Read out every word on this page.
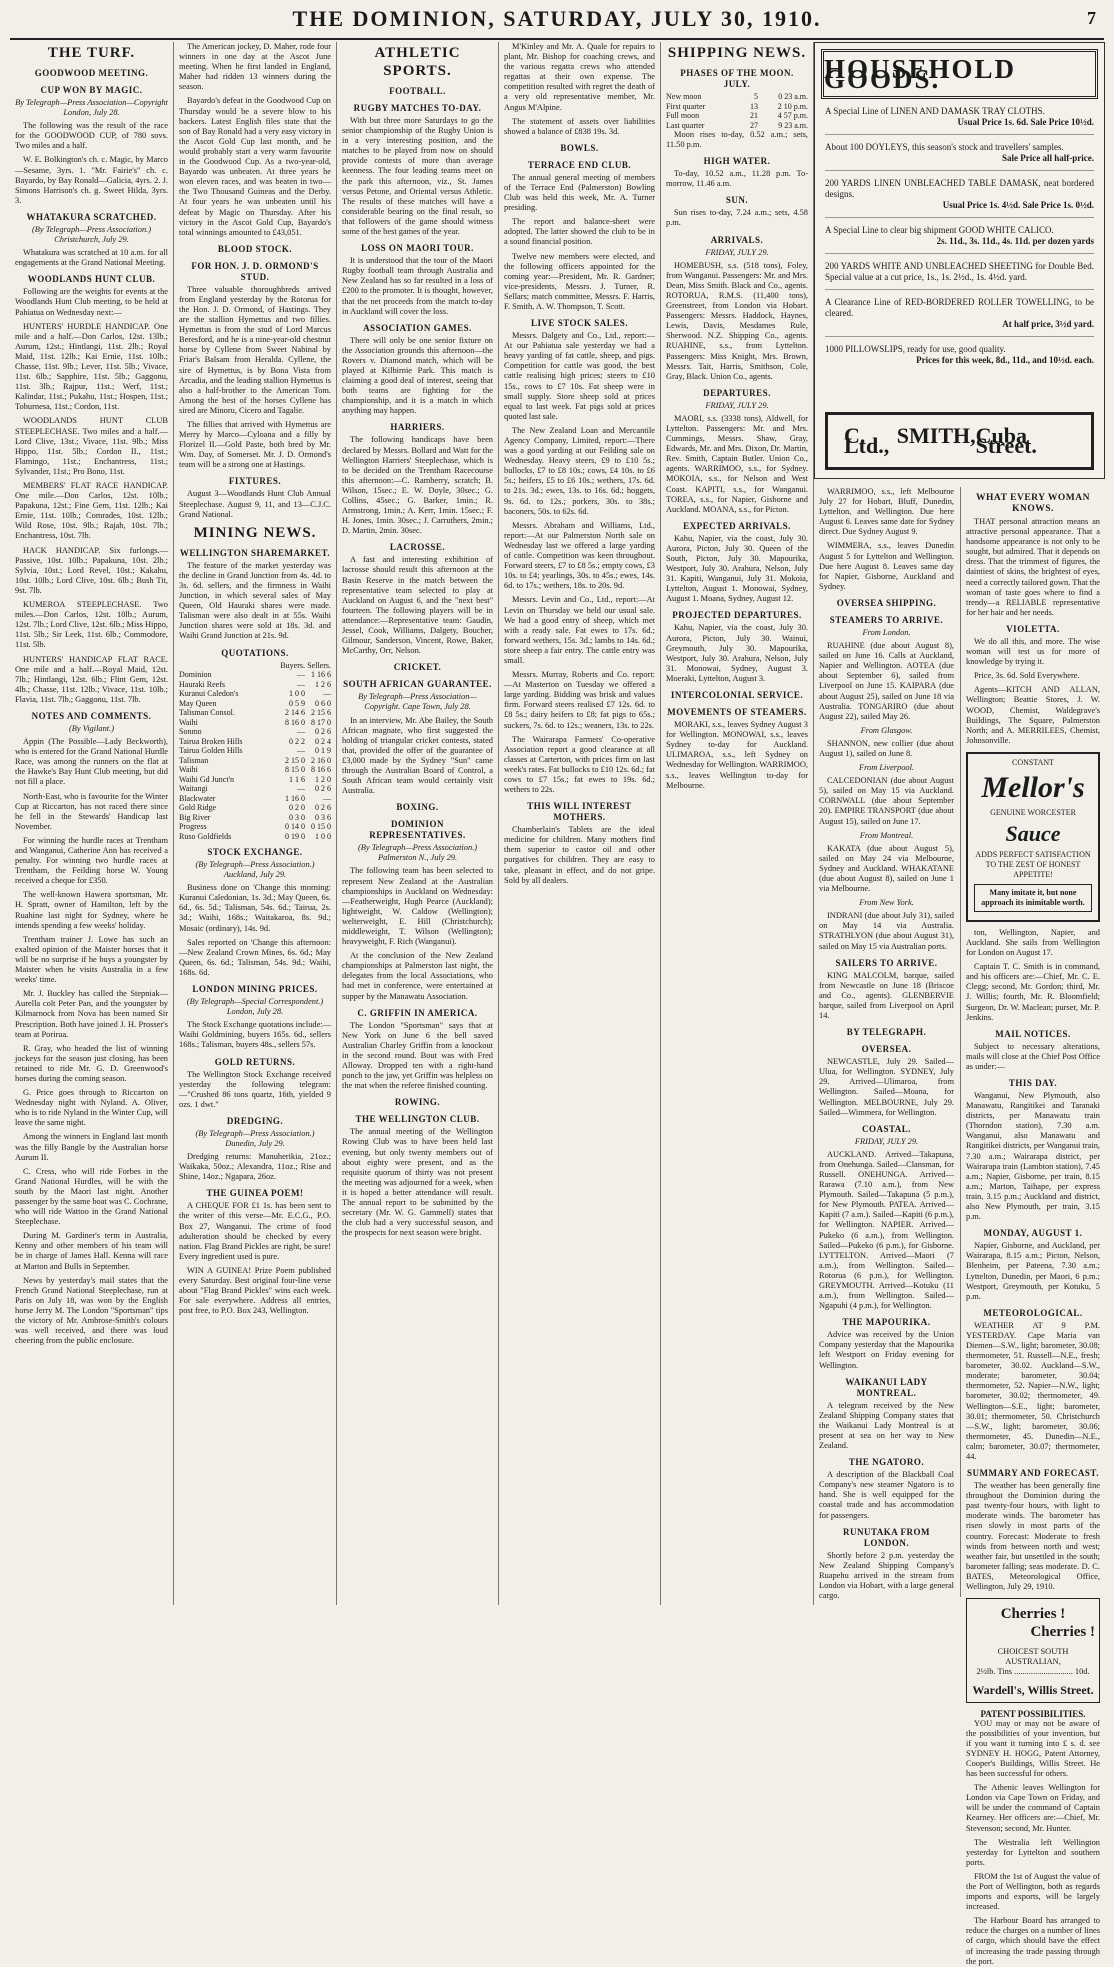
THE DOMINION, SATURDAY, JULY 30, 1910.	7
THE TURF.
GOODWOOD MEETING.
CUP WON BY MAGIC.
By Telegraph—Press Association—Copyright London, July 28.

The following was the result of the race for the GOODWOOD CUP, of 780 sovs. Two miles and a half.

W. E. Bolkington's ch. c. Magic, by Marco—Sesame, 3yrs. 1. "Mr. Fairie's" ch. c. Bayardo, by Bay Ronald—Galicia, 4yrs. 2. J. Simons Harrison's ch. g. Sweet Hilda, 3yrs. 3.

WHATAKURA SCRATCHED.
(By Telegraph—Press Association.) Christchurch, July 29.

Whatakura was scratched at 10 a.m. for all engagements at the Grand National Meeting.

WOODLANDS HUNT CLUB.

Following are the weights for events at the Woodlands Hunt Club meeting, to be held at Pahiatua on Wednesday next:—

HUNTERS' HURDLE HANDICAP. One mile and a half.—Don Carlos, 12st. 13lb.; Aurum, 12st.; Hintlangi, 11st. 2lb.; Royal Maid, 11st. 12lb.; Kai Ernie, 11st. 10lb.; Chasse, 11st. 9lb.; Lever, 11st. 5lb.; Vivace, 11st. 6lb.; Sapphire, 11st. 5lb.; Gaggonu, 11st. 3lb.; Rajpur, 11st.; Werf, 11st.; Kalindar, 11st.; Pukahu, 11st.; Hospen, 11st.; Tohurnesa, 11st.; Cordon, 11st.

WOODLANDS HUNT CLUB STEEPLECHASE. Two miles and a half.—Lord Clive, 13st.; Vivace, 11st. 9lb.; Miss Hippo, 11st. 5lb.; Cordon II., 11st.; Flamingo, 11st.; Enchantress, 11st.; Sylvander, 11st.; Pro Bono, 11st.

MEMBERS' FLAT RACE HANDICAP. One mile.—Don Carlos, 12st. 10lb.; Papakuna, 12st.; Fine Gem, 11st. 12lb.; Kai Ernie, 11st. 10lb.; Comrades, 10st. 12lb.; Wild Rose, 10st. 9lb.; Rajah, 10st. 7lb.; Enchantress, 10st. 7lb.

HACK HANDICAP. Six furlongs.—Passive, 10st. 10lb.; Papakuna, 10st. 2lb.; Sylvia, 10st.; Lord Revel, 10st.; Kakahu, 10st. 10lb.; Lord Clive, 10st. 6lb.; Bush Tit, 9st. 7lb.

KUMEROA STEEPLECHASE. Two miles.—Don Carlos, 12st. 10lb.; Aurum, 12st. 7lb.; Lord Clive, 12st. 6lb.; Miss Hippo, 11st. 5lb.; Sir Leek, 11st. 6lb.; Commodore, 11st. 5lb.

HUNTERS' HANDICAP FLAT RACE. One mile and a half.—Royal Maid, 12st. 7lb.; Hintlangi, 12st. 6lb.; Flint Gem, 12st. 4lb.; Chasse, 11st. 12lb.; Vivace, 11st. 10lb.; Flavia, 11st. 7lb.; Gaggonu, 11st. 7lb.

NOTES AND COMMENTS.
(By Vigilant.)

Appin (The Possible—Lady Beckworth), who is entered for the Grand National Hurdle Race, was among the runners on the flat at the Hawke's Bay Hunt Club meeting, but did not fill a place.

North-East, who is favourite for the Winter Cup at Riccarton, has not raced there since he fell in the Stewards' Handicap last November.

For winning the hurdle races at Trentham and Wanganui, Catherine Ann has received a penalty. For winning two hurdle races at Trentham, the Feilding horse W. Young received a cheque for £350.

The well-known Hawera sportsman, Mr. H. Spratt, owner of Hamilton, left by the Ruahine last night for Sydney, where he intends spending a few weeks' holiday.

Trentham trainer J. Lowe has such an exalted opinion of the Maister horses that it will be no surprise if he buys a youngster by Maister when he visits Australia in a few weeks' time.

Mr. J. Buckley has called the Stepniak—Aurella colt Peter Pan, and the youngster by Kilmarnock from Nova has been named Sir Prescription. Both have joined J. H. Prosser's team at Porirua.

R. Gray, who headed the list of winning jockeys for the season just closing, has been retained to ride Mr. G. D. Greenwood's horses during the coming season.

G. Price goes through to Riccarton on Wednesday night with Nyland. A. Oliver, who is to ride Nyland in the Winter Cup, will leave the same night.

Among the winners in England last month was the filly Bangle by the Australian horse Aurum II.

C. Cress, who will ride Forbes in the Grand National Hurdles, will be with the south by the Maori last night. Another passenger by the same boat was C. Cochrane, who will ride Wattoo in the Grand National Steeplechase.

During M. Gardiner's term in Australia, Kenny and other members of his team will be in charge of James Hall. Kenna will race at Marton and Bulls in September.

News by yesterday's mail states that the French Grand National Steeplechase, run at Paris on July 18, was won by the English horse Jerry M. The London "Sportsman" tips the victory of Mr. Ambrose-Smith's colours was well received, and there was loud cheering from the public enclosure.

The American jockey, D. Maher, rode four winners in one day at the Ascot June meeting. When he first landed in England, Maher had ridden 13 winners during the season.

Bayardo's defeat in the Goodwood Cup on Thursday would be a severe blow to his backers. Latest English files state that the son of Bay Ronald had a very easy victory in the Ascot Gold Cup last month, and he would probably start a very warm favourite in the Goodwood Cup. As a two-year-old, Bayardo was unbeaten. At three years he won eleven races, and was beaten in two—the Two Thousand Guineas and the Derby. At four years he was unbeaten until his defeat by Magic on Thursday. After his victory in the Ascot Gold Cup, Bayardo's total winnings amounted to £43,051.

BLOOD STOCK.
FOR HON. J. D. ORMOND'S STUD.

Three valuable thoroughbreds arrived from England yesterday by the Rotorua for the Hon. J. D. Ormond, of Hastings. They are the stallion Hymettus and two fillies. Hymettus is from the stud of Lord Marcus Beresford, and he is a nine-year-old chestnut horse by Cyllene from Sweet Nabinal by Friar's Balsam from Heralda. Cyllene, the sire of Hymettus, is by Bona Vista from Arcadia, and the leading stallion Hymettus is also a half-brother to the American Tom. Among the best of the horses Cyllene has sired are Minoru, Cicero and Tagalie.

The fillies that arrived with Hymettus are Merry by Marco—Cyloana and a filly by Florizel II.—Gold Paste, both bred by Mr. Wm. Day, of Somerset. Mr. J. D. Ormond's team will be a strong one at Hastings.

FIXTURES.

August 3—Woodlands Hunt Club Annual Steeplechase. August 9, 11, and 13—C.J.C. Grand National.

MINING NEWS.
WELLINGTON SHAREMARKET.

The feature of the market yesterday was the decline in Grand Junction from 4s. 4d. to 3s. 6d. sellers, and the firmness in Waihi Junction, in which several sales of May Queen, Old Hauraki shares were made. Talisman were also dealt in at 55s. Waihi Junction shares were sold at 18s. 3d. and Waihi Grand Junction at 21s. 9d.

QUOTATIONS.
	Buyers.	Sellers.
Dominion	—	1 16 6
Hauraki Reefs	—	1 2 6
Kuranui Caledon's	1 0 0	—
May Queen	0 5 9	0 6 0
Talisman Consol.	2 14 6	2 15 6
Waihi	8 16 0	8 17 0
Sonmo	—	0 2 6
Tairua Broken Hills	0 2 2	0 2 4
Tairua Golden Hills	—	0 1 9
Talisman	2 15 0	2 16 0
Waihi	8 15 0	8 16 6
Waihi Gd Junct'n	1 1 6	1 2 0
Waitangi	—	0 2 6
Blackwater	1 16 0	—
Gold Ridge	0 2 0	0 2 6
Big River	0 3 0	0 3 6
Progress	0 14 0	0 15 0
Ruso Goldfields	0 19 0	1 0 0
STOCK EXCHANGE.
(By Telegraph—Press Association.) Auckland, July 29.

Business done on 'Change this morning: Kuranui Caledonian, 1s. 3d.; May Queen, 6s. 6d., 6s. 5d.; Talisman, 54s. 6d.; Tairua, 2s. 3d.; Waihi, 168s.; Waitakaroa, 8s. 9d.; Mosaic (ordinary), 14s. 9d.

Sales reported on 'Change this afternoon:—New Zealand Crown Mines, 6s. 6d.; May Queen, 6s. 6d.; Talisman, 54s. 9d.; Waihi, 168s. 6d.

LONDON MINING PRICES.
(By Telegraph—Special Correspondent.) London, July 28.

The Stock Exchange quotations include:—Waihi Goldmining, buyers 165s. 6d., sellers 168s.; Talisman, buyers 48s., sellers 57s.

GOLD RETURNS.

The Wellington Stock Exchange received yesterday the following telegram:—"Crushed 86 tons quartz, 16th, yielded 9 ozs. 1 dwt."

DREDGING.
(By Telegraph—Press Association.) Dunedin, July 29.

Dredging returns: Manuherikia, 21oz.; Waikaka, 50oz.; Alexandra, 11oz.; Rise and Shine, 14oz.; Ngapara, 26oz.

THE GUINEA POEM!

A CHEQUE FOR £1 1s. has been sent to the writer of this verse—Mr. E.C.G., P.O. Box 27, Wanganui. The crime of food adulteration should be checked by every nation. Flag Brand Pickles are right, be sure! Every ingredient used is pure.

WIN A GUINEA! Prize Poem published every Saturday. Best original four-line verse about "Flag Brand Pickles" wins each week. For sale everywhere. Address all entries, post free, to P.O. Box 243, Wellington.

ATHLETIC SPORTS.
FOOTBALL.
RUGBY MATCHES TO-DAY.

With but three more Saturdays to go the senior championship of the Rugby Union is in a very interesting position, and the matches to be played from now on should provide contests of more than average keenness. The four leading teams meet on the park this afternoon, viz., St. James versus Petone, and Oriental versus Athletic. The results of these matches will have a considerable bearing on the final result, so that followers of the game should witness some of the best games of the year.

LOSS ON MAORI TOUR.

It is understood that the tour of the Maori Rugby football team through Australia and New Zealand has so far resulted in a loss of £200 to the promoter. It is thought, however, that the net proceeds from the match to-day in Auckland will cover the loss.

ASSOCIATION GAMES.

There will only be one senior fixture on the Association grounds this afternoon—the Rovers v. Diamond match, which will be played at Kilbirnie Park. This match is claiming a good deal of interest, seeing that both teams are fighting for the championship, and it is a match in which anything may happen.

HARRIERS.

The following handicaps have been declared by Messrs. Bollard and Watt for the Wellington Harriers' Steeplechase, which is to be decided on the Trentham Racecourse this afternoon:—C. Ramberry, scratch; B. Wilson, 15sec.; E. W. Doyle, 30sec.; G. Collins, 45sec.; G. Barker, 1min.; R. Armstrong, 1min.; A. Kerr, 1min. 15sec.; F. H. Jones, 1min. 30sec.; J. Carruthers, 2min.; D. Martin, 2min. 30sec.

LACROSSE.

A fast and interesting exhibition of lacrosse should result this afternoon at the Basin Reserve in the match between the representative team selected to play at Auckland on August 6, and the "next best" fourteen. The following players will be in attendance:—Representative team: Gaudin, Jessel, Cook, Williams, Dalgety, Boucher, Gilmour, Sanderson, Vincent, Rowe, Baker, McCarthy, Orr, Nelson.

CRICKET.
SOUTH AFRICAN GUARANTEE.
By Telegraph—Press Association—Copyright. Cape Town, July 28.

In an interview, Mr. Abe Bailey, the South African magnate, who first suggested the holding of triangular cricket contests, stated that, provided the offer of the guarantee of £3,000 made by the Sydney "Sun" came through the Australian Board of Control, a South African team would certainly visit Australia.

BOXING.
DOMINION REPRESENTATIVES.
(By Telegraph—Press Association.) Palmerston N., July 29.

The following team has been selected to represent New Zealand at the Australian championships in Auckland on Wednesday:—Featherweight, Hugh Pearce (Auckland); lightweight, W. Caldow (Wellington); welterweight, E. Hill (Christchurch); middleweight, T. Wilson (Wellington); heavyweight, F. Rich (Wanganui).

At the conclusion of the New Zealand championships at Palmerston last night, the delegates from the local Associations, who had met in conference, were entertained at supper by the Manawatu Association.

C. GRIFFIN IN AMERICA.

The London "Sportsman" says that at New York on June 6 the bell saved Australian Charley Griffin from a knockout in the second round. Bout was with Fred Alloway. Dropped ten with a right-hand punch to the jaw, yet Griffin was helpless on the mat when the referee finished counting.

ROWING.
THE WELLINGTON CLUB.

The annual meeting of the Wellington Rowing Club was to have been held last evening, but only twenty members out of about eighty were present, and as the requisite quorum of thirty was not present the meeting was adjourned for a week, when it is hoped a better attendance will result. The annual report to be submitted by the secretary (Mr. W. G. Gammell) states that the club had a very successful season, and the prospects for next season were bright.

M'Kinley and Mr. A. Quale for repairs to plant, Mr. Bishop for coaching crews, and the various regatta crews who attended regattas at their own expense. The competition resulted with regret the death of a very old representative member, Mr. Angus M'Alpine.

The statement of assets over liabilities showed a balance of £838 19s. 3d.

BOWLS.
TERRACE END CLUB.

The annual general meeting of members of the Terrace End (Palmerston) Bowling Club was held this week, Mr. A. Turner presiding.

The report and balance-sheet were adopted. The latter showed the club to be in a sound financial position.

Twelve new members were elected, and the following officers appointed for the coming year:—President, Mr. R. Gardner; vice-presidents, Messrs. J. Turner, R. Sellars; match committee, Messrs. F. Harris, F. Smith, A. W. Thompson, T. Scott.

LIVE STOCK SALES.

Messrs. Dalgety and Co., Ltd., report:—At our Pahiatua sale yesterday we had a heavy yarding of fat cattle, sheep, and pigs. Competition for cattle was good, the best cattle realising high prices; steers to £10 15s., cows to £7 10s. Fat sheep were in small supply. Store sheep sold at prices equal to last week. Fat pigs sold at prices quoted last sale.

The New Zealand Loan and Mercantile Agency Company, Limited, report:—There was a good yarding at our Feilding sale on Wednesday. Heavy steers, £9 to £10 5s.; bullocks, £7 to £8 10s.; cows, £4 10s. to £6 5s.; heifers, £5 to £6 10s.; wethers, 17s. 6d. to 21s. 3d.; ewes, 13s. to 16s. 6d.; hoggets, 9s. 6d. to 12s.; porkers, 30s. to 38s.; baconers, 50s. to 62s. 6d.

Messrs. Abraham and Williams, Ltd., report:—At our Palmerston North sale on Wednesday last we offered a large yarding of cattle. Competition was keen throughout. Forward steers, £7 to £8 5s.; empty cows, £3 10s. to £4; yearlings, 30s. to 45s.; ewes, 14s. 6d. to 17s.; wethers, 18s. to 20s. 9d.

Messrs. Levin and Co., Ltd., report:—At Levin on Thursday we held our usual sale. We had a good entry of sheep, which met with a ready sale. Fat ewes to 17s. 6d.; forward wethers, 15s. 3d.; lambs to 14s. 6d.; store sheep a fair entry. The cattle entry was small.

Messrs. Murray, Roberts and Co. report:—At Masterton on Tuesday we offered a large yarding. Bidding was brisk and values firm. Forward steers realised £7 12s. 6d. to £8 5s.; dairy heifers to £8; fat pigs to 65s.; suckers, 7s. 6d. to 12s.; weaners, 13s. to 22s.

The Wairarapa Farmers' Co-operative Association report a good clearance at all classes at Carterton, with prices firm on last week's rates. Fat bullocks to £10 12s. 6d.; fat cows to £7 15s.; fat ewes to 19s. 6d.; wethers to 22s.

THIS WILL INTEREST MOTHERS.

Chamberlain's Tablets are the ideal medicine for children. Many mothers find them superior to castor oil and other purgatives for children. They are easy to take, pleasant in effect, and do not gripe. Sold by all dealers.

SHIPPING NEWS.
PHASES OF THE MOON. JULY.
New moon	5	0 23 a.m.
First quarter	13	2 10 p.m.
Full moon	21	4 57 p.m.
Last quarter	27	9 23 a.m.

Moon rises to-day, 0.52 a.m.; sets, 11.50 p.m.

HIGH WATER.

To-day, 10.52 a.m., 11.28 p.m. To-morrow, 11.46 a.m.

SUN.

Sun rises to-day, 7.24 a.m.; sets, 4.58 p.m.

ARRIVALS.
FRIDAY, JULY 29.

HOMEBUSH, s.s. (518 tons), Foley, from Wanganui. Passengers: Mr. and Mrs. Dean, Miss Smith. Black and Co., agents. ROTORUA, R.M.S. (11,400 tons), Greenstreet, from London via Hobart. Passengers: Messrs. Haddock, Haynes, Lewis, Davis, Mesdames Rule, Sherwood. N.Z. Shipping Co., agents. RUAHINE, s.s., from Lyttelton. Passengers: Miss Knight, Mrs. Brown, Messrs. Tait, Harris, Smithson, Cole, Gray, Black. Union Co., agents.

DEPARTURES.
FRIDAY, JULY 29.

MAORI, s.s. (3338 tons), Aldwell, for Lyttelton. Passengers: Mr. and Mrs. Cummings, Messrs. Shaw, Gray, Edwards, Mr. and Mrs. Dixon, Dr. Martin, Rev. Smith, Captain Butler. Union Co., agents. WARRIMOO, s.s., for Sydney. MOKOIA, s.s., for Nelson and West Coast. KAPITI, s.s., for Wanganui. TOREA, s.s., for Napier, Gisborne and Auckland. MOANA, s.s., for Picton.

EXPECTED ARRIVALS.

Kahu, Napier, via the coast, July 30. Aurora, Picton, July 30. Queen of the South, Picton, July 30. Mapourika, Westport, July 30. Arahura, Nelson, July 31. Kapiti, Wanganui, July 31. Mokoia, Lyttelton, August 1. Monowai, Sydney, August 1. Moana, Sydney, August 12.

PROJECTED DEPARTURES.

Kahu, Napier, via the coast, July 30. Aurora, Picton, July 30. Wainui, Greymouth, July 30. Mapourika, Westport, July 30. Arahura, Nelson, July 31. Monowai, Sydney, August 3. Moeraki, Lyttelton, August 3.

INTERCOLONIAL SERVICE.
MOVEMENTS OF STEAMERS.

MORAKI, s.s., leaves Sydney August 3 for Wellington. MONOWAI, s.s., leaves Sydney to-day for Auckland. ULIMAROA, s.s., left Sydney on Wednesday for Wellington. WARRIMOO, s.s., leaves Wellington to-day for Melbourne.

HOUSEHOLD GOODS.
A Special Line of LINEN AND DAMASK TRAY CLOTHS.
Usual Price 1s. 6d. Sale Price 10½d.
About 100 DOYLEYS, this season's stock and travellers' samples.
Sale Price all half-price.
200 YARDS LINEN UNBLEACHED TABLE DAMASK, neat bordered designs.
Usual Price 1s. 4½d. Sale Price 1s. 0½d.
A Special Line to clear big shipment GOOD WHITE CALICO.
2s. 11d., 3s. 11d., 4s. 11d. per dozen yards
200 YARDS WHITE AND UNBLEACHED SHEETING for Double Bed. Special value at a cut price, 1s., 1s. 2½d., 1s. 4½d. yard.
A Clearance Line of RED-BORDERED ROLLER TOWELLING, to be cleared.
At half price, 3½d yard.
1000 PILLOWSLIPS, ready for use, good quality.
Prices for this week, 8d., 11d., and 10½d. each.
C. SMITH, Ltd.,	Cuba Street.

WARRIMOO, s.s., left Melbourne July 27 for Hobart, Bluff, Dunedin, Lyttelton, and Wellington. Due here August 6. Leaves same date for Sydney direct. Due Sydney August 9.

WIMMERA, s.s., leaves Dunedin August 5 for Lyttelton and Wellington. Due here August 8. Leaves same day for Napier, Gisborne, Auckland and Sydney.

OVERSEA SHIPPING.
STEAMERS TO ARRIVE.
From London.

RUAHINE (due about August 8), sailed on June 16. Calls at Auckland, Napier and Wellington. AOTEA (due about September 6), sailed from Liverpool on June 15. KAIPARA (due about August 25), sailed on June 18 via Australia. TONGARIRO (due about August 22), sailed May 26.

From Glasgow.

SHANNON, new collier (due about August 1), sailed on June 8.

From Liverpool.

CALCEDONIAN (due about August 5), sailed on May 15 via Auckland. CORNWALL (due about September 20). EMPIRE TRANSPORT (due about August 15), sailed on June 17.

From Montreal.

KAKATA (due about August 5), sailed on May 24 via Melbourne, Sydney and Auckland. WHAKATANE (due about August 8), sailed on June 1 via Melbourne.

From New York.

INDRANI (due about July 31), sailed on May 14 via Australia. STRATHLYON (due about August 31), sailed on May 15 via Australian ports.

SAILERS TO ARRIVE.

KING MALCOLM, barque, sailed from Newcastle on June 18 (Briscoe and Co., agents). GLENBERVIE barque, sailed from Liverpool on April 14.

BY TELEGRAPH.
OVERSEA.

NEWCASTLE, July 29. Sailed—Ulua, for Wellington. SYDNEY, July 29. Arrived—Ulimaroa, from Wellington. Sailed—Moana, for Wellington. MELBOURNE, July 29. Sailed—Wimmera, for Wellington.

COASTAL.
FRIDAY, JULY 29.

AUCKLAND. Arrived—Takapuna, from Onehunga. Sailed—Clansman, for Russell. ONEHUNGA. Arrived—Rarawa (7.10 a.m.), from New Plymouth. Sailed—Takapuna (5 p.m.), for New Plymouth. PATEA. Arrived—Kapiti (7 a.m.). Sailed—Kapiti (6 p.m.), for Wellington. NAPIER. Arrived—Pukeko (6 a.m.), from Wellington. Sailed—Pukeko (6 p.m.), for Gisborne. LYTTELTON. Arrived—Maori (7 a.m.), from Wellington. Sailed—Rotorua (6 p.m.), for Wellington. GREYMOUTH. Arrived—Kotuku (11 a.m.), from Wellington. Sailed—Ngapuhi (4 p.m.), for Wellington.

THE MAPOURIKA.

Advice was received by the Union Company yesterday that the Mapourika left Westport on Friday evening for Wellington.

WAIKANUI LADY MONTREAL.

A telegram received by the New Zealand Shipping Company states that the Waikanui Lady Montreal is at present at sea on her way to New Zealand.

THE NGATORO.

A description of the Blackball Coal Company's new steamer Ngatoro is to hand. She is well equipped for the coastal trade and has accommodation for passengers.

RUNUTAKA FROM LONDON.

Shortly before 2 p.m. yesterday the New Zealand Shipping Company's Ruapehu arrived in the stream from London via Hobart, with a large general cargo.

WHAT EVERY WOMAN KNOWS.

THAT personal attraction means an attractive personal appearance. That a handsome appearance is not only to be sought, but admired. That it depends on dress. That the trimmest of figures, the daintiest of skins, the brightest of eyes, need a correctly tailored gown. That the woman of taste goes where to find a trendy—a RELIABLE representative for her hair and her needs.

VIOLETTA.

We do all this, and more. The wise woman will test us for more of knowledge by trying it.

Price, 3s. 6d. Sold Everywhere.

Agents—KITCH AND ALLAN, Wellington; Beattie Stores, J. W. WOOD, Chemist, Waldegrave's Buildings, The Square, Palmerston North; and A. MERRILEES, Chemist, Johnsonville.

CONSTANT
Mellor's
GENUINE WORCESTER
Sauce
ADDS PERFECT SATISFACTION TO THE ZEST OF HONEST APPETITE!
Many imitate it, but none approach its inimitable worth.

ton, Wellington, Napier, and Auckland. She sails from Wellington for London on August 17.

Captain T. C. Smith is in command, and his officers are:—Chief, Mr. C. E. Clegg; second, Mr. Gordon; third, Mr. J. Willis; fourth, Mr. R. Bloomfield; Surgeon, Dr. W. Maclean; purser, Mr. P. Jenkins.

MAIL NOTICES.

Subject to necessary alterations, mails will close at the Chief Post Office as under:—

THIS DAY.

Wanganui, New Plymouth, also Manawatu, Rangitikei and Taranaki districts, per Manawatu train (Thorndon station), 7.30 a.m. Wanganui, also Manawatu and Rangitikei districts, per Wanganui train, 7.30 a.m.; Wairarapa district, per Wairarapa train (Lambton station), 7.45 a.m.; Napier, Gisborne, per train, 8.15 a.m.; Marton, Taihape, per express train, 3.15 p.m.; Auckland and district, also New Plymouth, per train, 3.15 p.m.

MONDAY, AUGUST 1.

Napier, Gisborne, and Auckland, per Wairarapa, 8.15 a.m.; Picton, Nelson, Blenheim, per Pateena, 7.30 a.m.; Lyttelton, Dunedin, per Maori, 6 p.m.; Westport, Greymouth, per Kotuku, 5 p.m.

METEOROLOGICAL.

WEATHER AT 9 P.M. YESTERDAY. Cape Maria van Diemen—S.W., light; barometer, 30.08; thermometer, 51. Russell—N.E., fresh; barometer, 30.02. Auckland—S.W., moderate; barometer, 30.04; thermometer, 52. Napier—N.W., light; barometer, 30.02; thermometer, 49. Wellington—S.E., light; barometer, 30.01; thermometer, 50. Christchurch—S.W., light; barometer, 30.06; thermometer, 45. Dunedin—N.E., calm; barometer, 30.07; thermometer, 44.

SUMMARY AND FORECAST.

The weather has been generally fine throughout the Dominion during the past twenty-four hours, with light to moderate winds. The barometer has risen slowly in most parts of the country. Forecast: Moderate to fresh winds from between north and west; weather fair, but unsettled in the south; barometer falling; seas moderate. D. C. BATES, Meteorological Office, Wellington, July 29, 1910.

Cherries !
Cherries !
CHOICEST SOUTH AUSTRALIAN,
2½lb. Tins ............................ 10d.
Wardell's, Willis Street.
PATENT POSSIBILITIES.

YOU may or may not be aware of the possibilities of your invention, but if you want it turning into £ s. d. see SYDNEY H. HOGG, Patent Attorney, Cooper's Buildings, Willis Street. He has been successful for others.

The Athenic leaves Wellington for London via Cape Town on Friday, and will be under the command of Captain Kearney. Her officers are:—Chief, Mr. Stevenson; second, Mr. Hunter.

The Westralia left Wellington yesterday for Lyttelton and southern ports.

FROM the 1st of August the value of the Port of Wellington, both as regards imports and exports, will be largely increased.

The Harbour Board has arranged to reduce the charges on a number of lines of cargo, which should have the effect of increasing the trade passing through the port.
